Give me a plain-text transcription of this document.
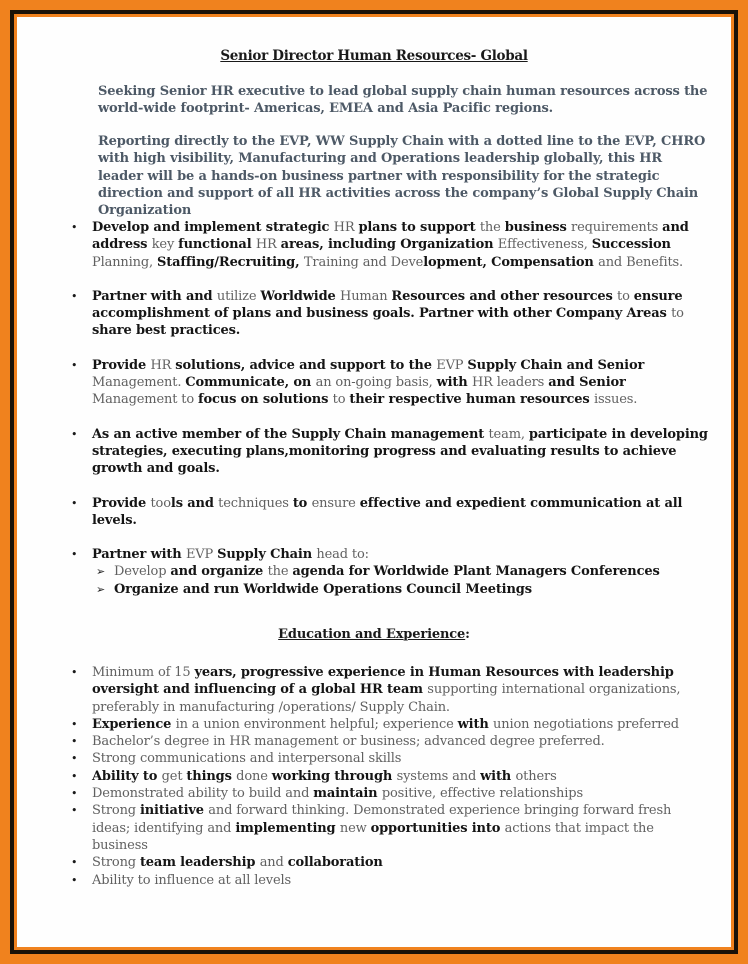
Senior Director Human Resources- Global
Seeking Senior HR executive to lead global supply chain human resources across the world-wide footprint- Americas, EMEA and Asia Pacific regions.
Reporting directly to the EVP, WW Supply Chain with a dotted line to the EVP, CHRO with high visibility, Manufacturing and Operations leadership globally, this HR leader will be a hands-on business partner with responsibility for the strategic direction and support of all HR activities across the company’s Global Supply Chain Organization
• Develop and implement strategic HR plans to support the business requirements and address key functional HR areas, including Organization Effectiveness, Succession Planning, Staffing/Recruiting, Training and Development, Compensation and Benefits.
• Partner with and utilize Worldwide Human Resources and other resources to ensure accomplishment of plans and business goals. Partner with other Company Areas to share best practices.
• Provide HR solutions, advice and support to the EVP Supply Chain and Senior Management. Communicate, on an on-going basis, with HR leaders and Senior Management to focus on solutions to their respective human resources issues.
• As an active member of the Supply Chain management team, participate in developing strategies, executing plans,monitoring progress and evaluating results to achieve growth and goals.
• Provide tools and techniques to ensure effective and expedient communication at all levels.
• Partner with EVP Supply Chain head to:
➢ Develop and organize the agenda for Worldwide Plant Managers Conferences
➢ Organize and run Worldwide Operations Council Meetings
Education and Experience:
• Minimum of 15 years, progressive experience in Human Resources with leadership oversight and influencing of a global HR team supporting international organizations, preferably in manufacturing /operations/ Supply Chain.
• Experience in a union environment helpful; experience with union negotiations preferred
• Bachelor’s degree in HR management or business; advanced degree preferred.
• Strong communications and interpersonal skills
• Ability to get things done working through systems and with others
• Demonstrated ability to build and maintain positive, effective relationships
• Strong initiative and forward thinking. Demonstrated experience bringing forward fresh ideas; identifying and implementing new opportunities into actions that impact the business
• Strong team leadership and collaboration
• Ability to influence at all levels
